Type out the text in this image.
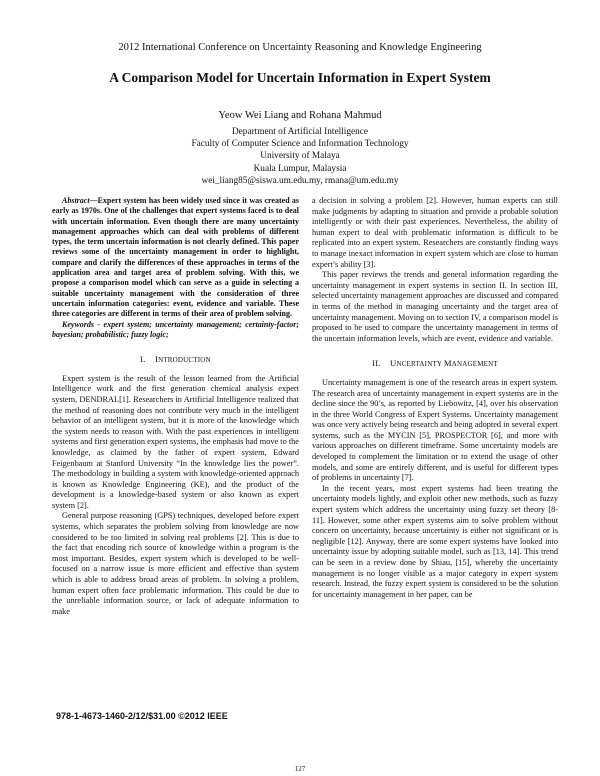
2012 International Conference on Uncertainty Reasoning and Knowledge Engineering
A Comparison Model for Uncertain Information in Expert System
Yeow Wei Liang and Rohana Mahmud
Department of Artificial Intelligence
Faculty of Computer Science and Information Technology
University of Malaya
Kuala Lumpur, Malaysia
wei_liang85@siswa.um.edu.my, rmana@um.edu.my

Abstract—Expert system has been widely used since it was created as early as 1970s. One of the challenges that expert systems faced is to deal with uncertain information. Even though there are many uncertainty management approaches which can deal with problems of different types, the term uncertain information is not clearly defined. This paper reviews some of the uncertainty management in order to highlight, compare and clarify the differences of these approaches in terms of the application area and target area of problem solving. With this, we propose a comparison model which can serve as a guide in selecting a suitable uncertainty management with the consideration of three uncertain information categories: event, evidence and variable. These three categories are different in terms of their area of problem solving.

Keywords - expert system; uncertainty management; certainty-factor; bayesian; probabilistic; fuzzy logic;

I. INTRODUCTION

Expert system is the result of the lesson learned from the Artificial Intelligence work and the first generation chemical analysis expert system, DENDRAL[1]. Researchers in Artificial Intelligence realized that the method of reasoning does not contribute very much in the intelligent behavior of an intelligent system, but it is more of the knowledge which the system needs to reason with. With the past experiences in intelligent systems and first generation expert systems, the emphasis had move to the knowledge, as claimed by the father of expert system, Edward Feigenbaum at Stanford University “In the knowledge lies the power”. The methodology in building a system with knowledge-oriented approach is known as Knowledge Engineering (KE), and the product of the development is a knowledge-based system or also known as expert system [2].

General purpose reasoning (GPS) techniques, developed before expert systems, which separates the problem solving from knowledge are now considered to be too limited in solving real problems [2]. This is due to the fact that encoding rich source of knowledge within a program is the most important. Besides, expert system which is developed to be well-focused on a narrow issue is more efficient and effective than system which is able to address broad areas of problem. In solving a problem, human expert often face problematic information. This could be due to the unreliable information source, or lack of adequate information to make

a decision in solving a problem [2]. However, human experts can still make judgments by adapting to situation and provide a probable solution intelligently or with their past experiences. Nevertheless, the ability of human expert to deal with problematic information is difficult to be replicated into an expert system. Researchers are constantly finding ways to manage inexact information in expert system which are close to human expert’s ability [3].

This paper reviews the trends and general information regarding the uncertainty management in expert systems in section II. In section III, selected uncertainty management approaches are discussed and compared in terms of the method in managing uncertainty and the target area of uncertainty management. Moving on to section IV, a comparison model is proposed to be used to compare the uncertainty management in terms of the uncertain information levels, which are event, evidence and variable.

II. UNCERTAINTY MANAGEMENT

Uncertainty management is one of the research areas in expert system. The research area of uncertainty management in expert systems are in the decline since the 90’s, as reported by Liebowitz, [4], over his observation in the three World Congress of Expert Systems. Uncertainty management was once very actively being research and being adopted in several expert systems, such as the MYCIN [5], PROSPECTOR [6], and more with various approaches on different timeframe. Some uncertainty models are developed to complement the limitation or to extend the usage of other models, and some are entirely different, and is useful for different types of problems in uncertainty [7].

In the recent years, most expert systems had been treating the uncertainty models lightly, and exploit other new methods, such as fuzzy expert system which address the uncertainty using fuzzy set theory [8-11]. However, some other expert systems aim to solve problem without concern on uncertainty, because uncertainty is either not significant or is negligible [12]. Anyway, there are some expert systems have looked into uncertainty issue by adopting suitable model, such as [13, 14]. This trend can be seen in a review done by Shiau, [15], whereby the uncertainty management is no longer visible as a major category in expert system research. Instead, the fuzzy expert system is considered to be the solution for uncertainty management in her paper, can be

978-1-4673-1460-2/12/$31.00 ©2012 IEEE
127
